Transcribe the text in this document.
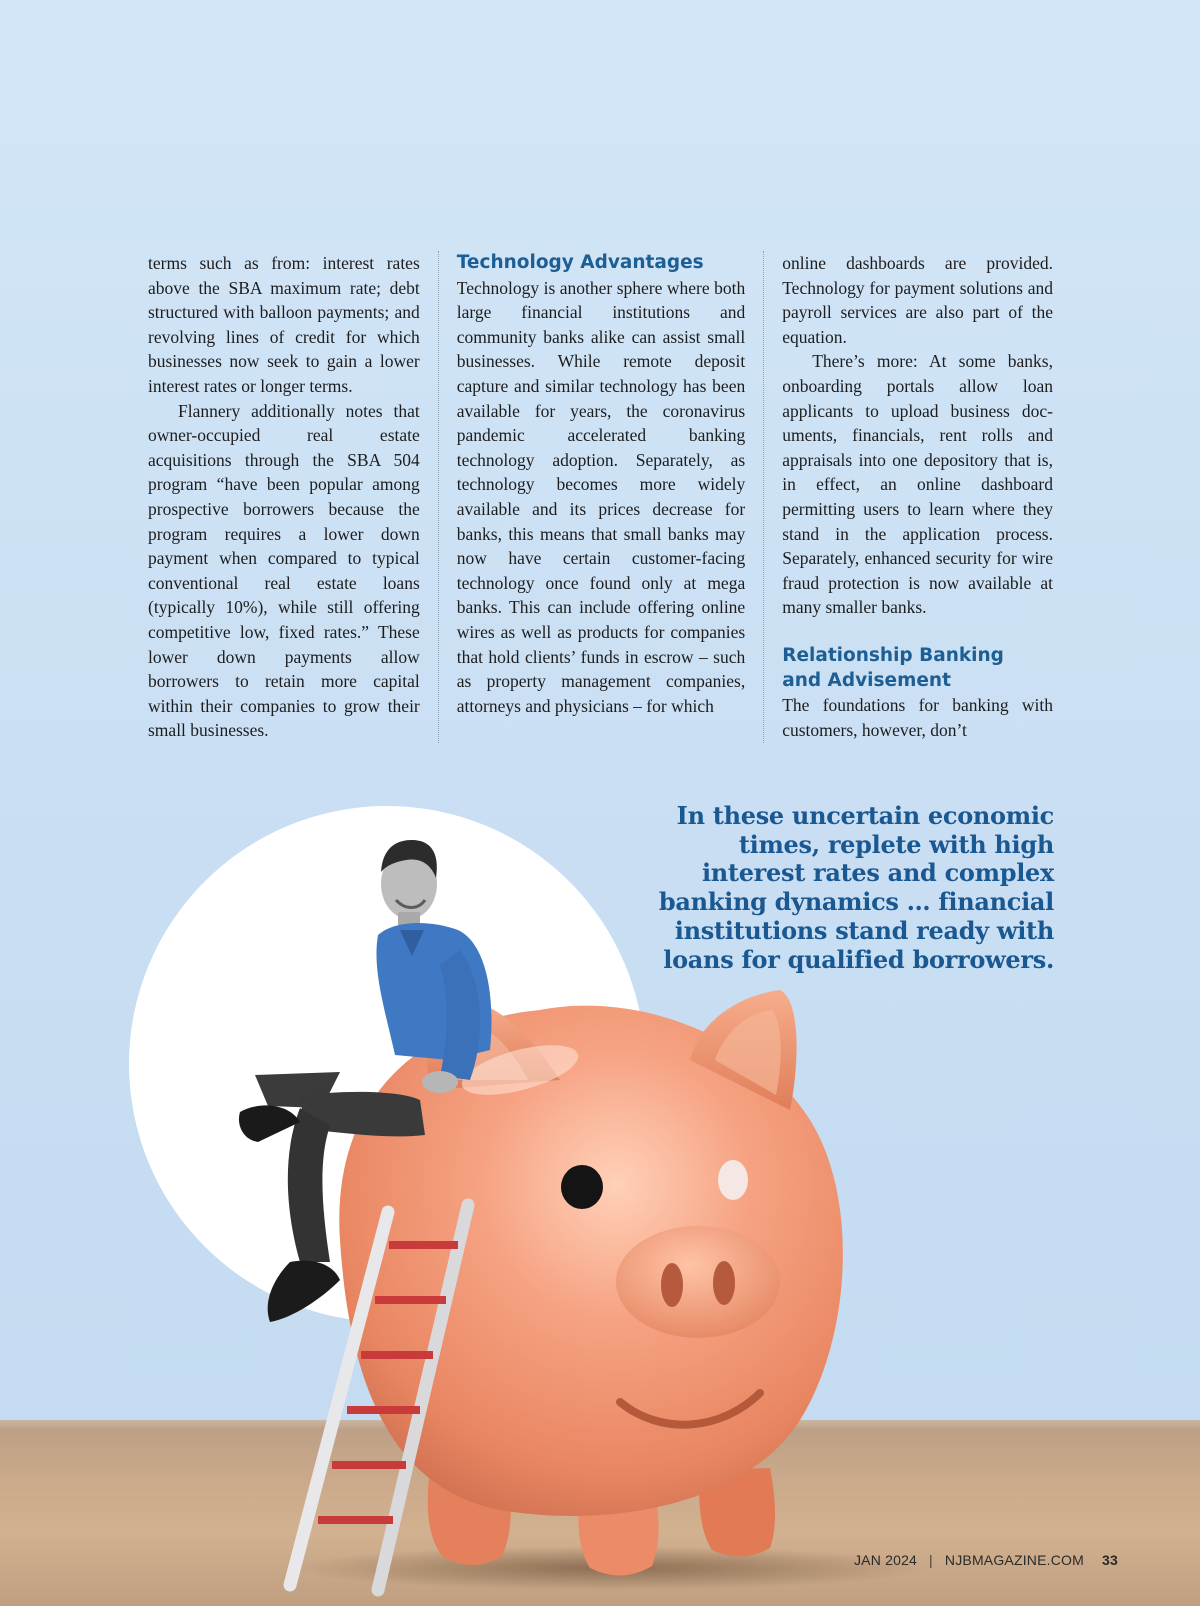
terms such as from: interest rates above the SBA maximum rate; debt structured with balloon payments; and revolving lines of credit for which businesses now seek to gain a lower interest rates or longer terms.

Flannery additionally notes that owner-occupied real estate acquisitions through the SBA 504 program “have been popular among prospective borrowers because the program requires a lower down payment when compared to typical conventional real estate loans (typically 10%), while still offering competitive low, fixed rates.” These lower down payments allow borrowers to retain more capital within their companies to grow their small businesses.

Technology Advantages

Technology is another sphere where both large financial institutions and community banks alike can assist small businesses. While remote deposit capture and similar technology has been available for years, the coronavirus pandemic accelerated banking technology adoption. Separately, as technology becomes more widely available and its prices decrease for banks, this means that small banks may now have certain customer-facing technology once found only at mega banks. This can include offering online wires as well as products for companies that hold clients’ funds in escrow – such as property management companies, attorneys and physicians – for which

online dashboards are provided. Technology for payment solutions and payroll services are also part of the equation.

There’s more: At some banks, onboarding portals allow loan applicants to upload business documents, financials, rent rolls and appraisals into one depository that is, in effect, an online dashboard permitting users to learn where they stand in the application process. Separately, enhanced security for wire fraud protection is now available at many smaller banks.

Relationship Banking
and Advisement

The foundations for banking with customers, however, don’t

In these uncertain economic times, replete with high interest rates and complex banking dynamics … financial institutions stand ready with loans for qualified borrowers.
JAN 2024 | NJBMAGAZINE.COM 33
